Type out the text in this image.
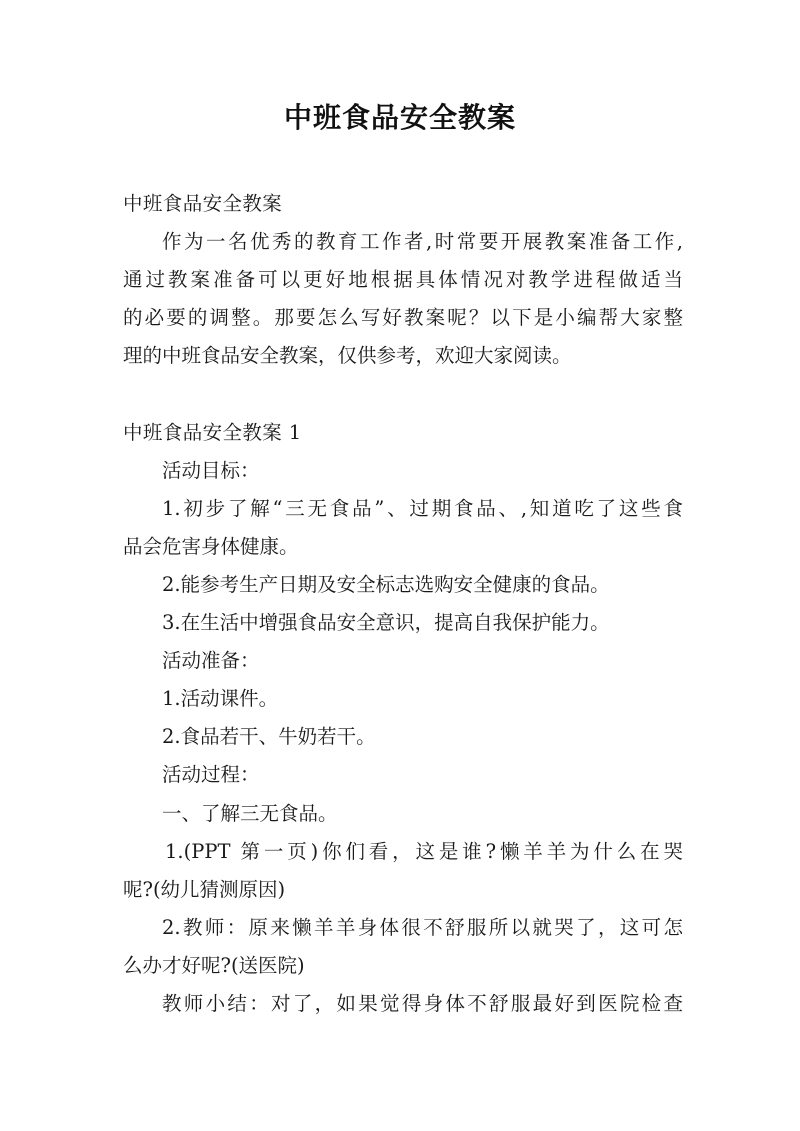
中班食品安全教案
中班食品安全教案
作为一名优秀的教育工作者,时常要开展教案准备工作,
通过教案准备可以更好地根据具体情况对教学进程做适当
的必要的调整。那要怎么写好教案呢？以下是小编帮大家整
理的中班食品安全教案，仅供参考，欢迎大家阅读。
中班食品安全教案 1
活动目标：
1.初步了解“三无食品”、过期食品、,知道吃了这些食
品会危害身体健康。
2.能参考生产日期及安全标志选购安全健康的食品。
3.在生活中增强食品安全意识，提高自我保护能力。
活动准备：
1.活动课件。
2.食品若干、牛奶若干。
活动过程：
一、了解三无食品。
1.(PPT 第一页)你们看，这是谁?懒羊羊为什么在哭
呢?(幼儿猜测原因)
2.教师：原来懒羊羊身体很不舒服所以就哭了，这可怎
么办才好呢?(送医院)
教师小结：对了，如果觉得身体不舒服最好到医院检查
